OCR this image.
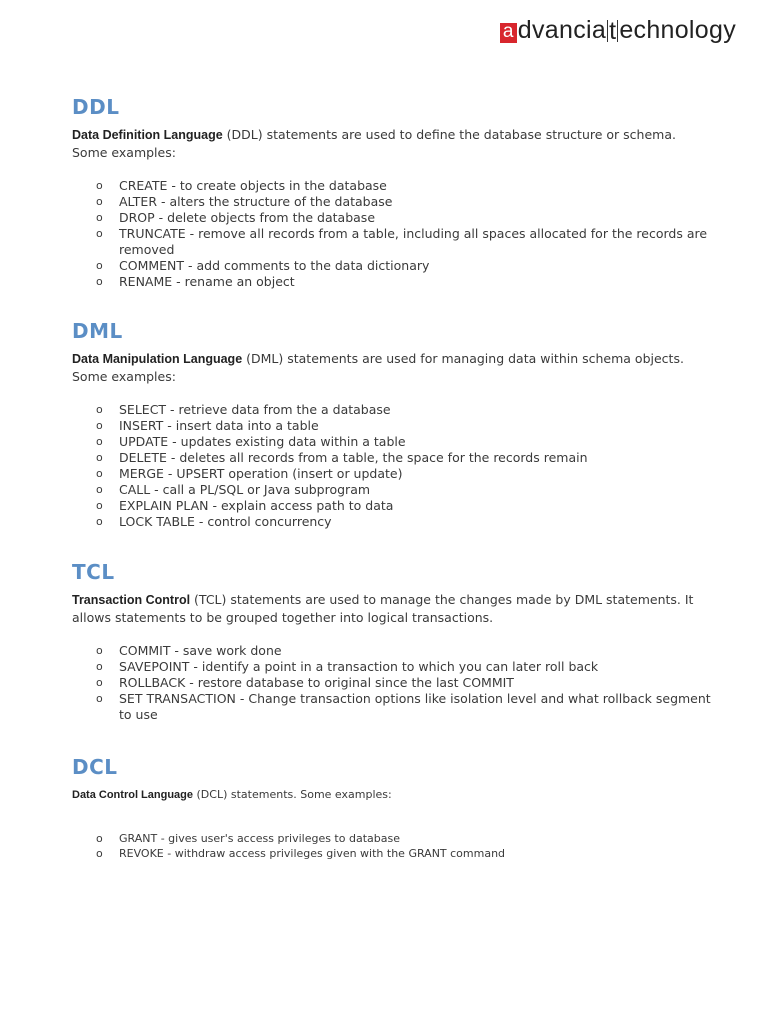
a dvancia t echnology
DDL

Data Definition Language (DDL) statements are used to define the database structure or schema. Some examples:

o CREATE - to create objects in the database
o ALTER - alters the structure of the database
o DROP - delete objects from the database
o TRUNCATE - remove all records from a table, including all spaces allocated for the records are removed
o COMMENT - add comments to the data dictionary
o RENAME - rename an object
DML

Data Manipulation Language (DML) statements are used for managing data within schema objects. Some examples:

o SELECT - retrieve data from the a database
o INSERT - insert data into a table
o UPDATE - updates existing data within a table
o DELETE - deletes all records from a table, the space for the records remain
o MERGE - UPSERT operation (insert or update)
o CALL - call a PL/SQL or Java subprogram
o EXPLAIN PLAN - explain access path to data
o LOCK TABLE - control concurrency
TCL

Transaction Control (TCL) statements are used to manage the changes made by DML statements. It allows statements to be grouped together into logical transactions.

o COMMIT - save work done
o SAVEPOINT - identify a point in a transaction to which you can later roll back
o ROLLBACK - restore database to original since the last COMMIT
o SET TRANSACTION - Change transaction options like isolation level and what rollback segment to use
DCL

Data Control Language (DCL) statements. Some examples:

o GRANT - gives user's access privileges to database
o REVOKE - withdraw access privileges given with the GRANT command
